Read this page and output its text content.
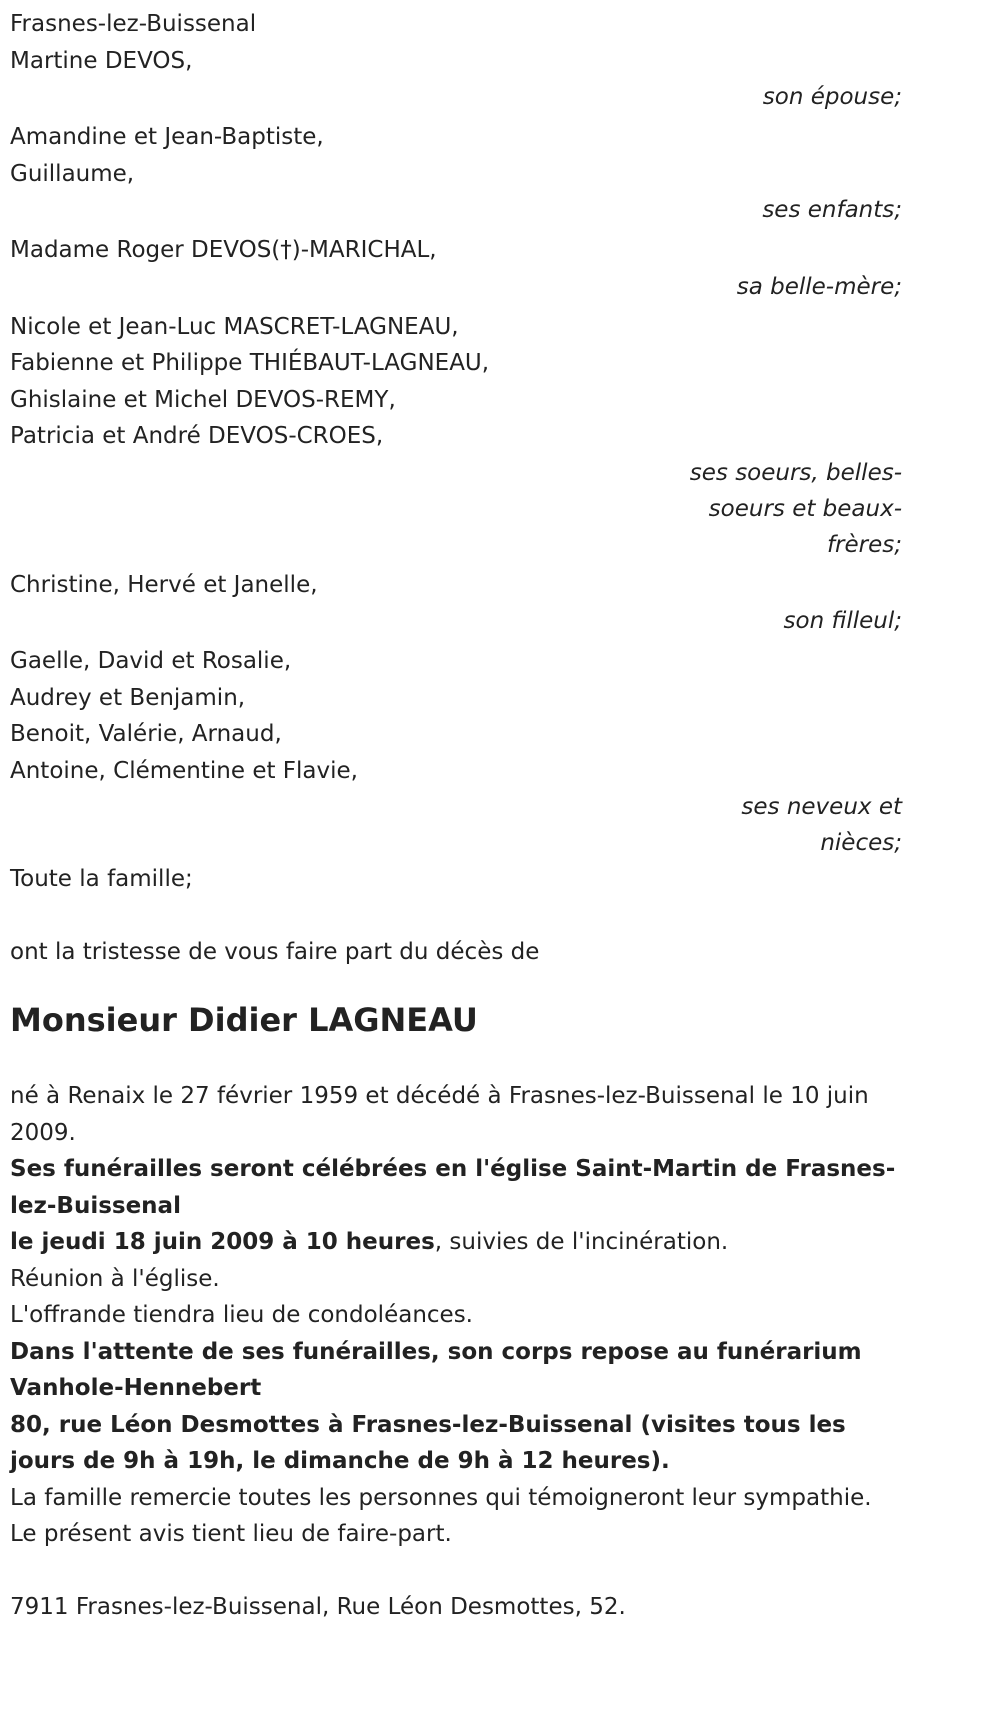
Frasnes-lez-Buissenal
Martine DEVOS,
son épouse;
Amandine et Jean-Baptiste,
Guillaume,
ses enfants;
Madame Roger DEVOS(†)-MARICHAL,
sa belle-mère;
Nicole et Jean-Luc MASCRET-LAGNEAU,
Fabienne et Philippe THIÉBAUT-LAGNEAU,
Ghislaine et Michel DEVOS-REMY,
Patricia et André DEVOS-CROES,
ses soeurs, belles-soeurs et beaux-frères;
Christine, Hervé et Janelle,
son filleul;
Gaelle, David et Rosalie,
Audrey et Benjamin,
Benoit, Valérie, Arnaud,
Antoine, Clémentine et Flavie,
ses neveux et nièces;
Toute la famille;
ont la tristesse de vous faire part du décès de
Monsieur Didier LAGNEAU
né à Renaix le 27 février 1959 et décédé à Frasnes-lez-Buissenal le 10 juin 2009.
Ses funérailles seront célébrées en l'église Saint-Martin de Frasnes-lez-Buissenal
le jeudi 18 juin 2009 à 10 heures, suivies de l'incinération.
Réunion à l'église.
L'offrande tiendra lieu de condoléances.
Dans l'attente de ses funérailles, son corps repose au funérarium Vanhole-Hennebert
80, rue Léon Desmottes à Frasnes-lez-Buissenal (visites tous les jours de 9h à 19h, le dimanche de 9h à 12 heures).
La famille remercie toutes les personnes qui témoigneront leur sympathie.
Le présent avis tient lieu de faire-part.
7911 Frasnes-lez-Buissenal, Rue Léon Desmottes, 52.
